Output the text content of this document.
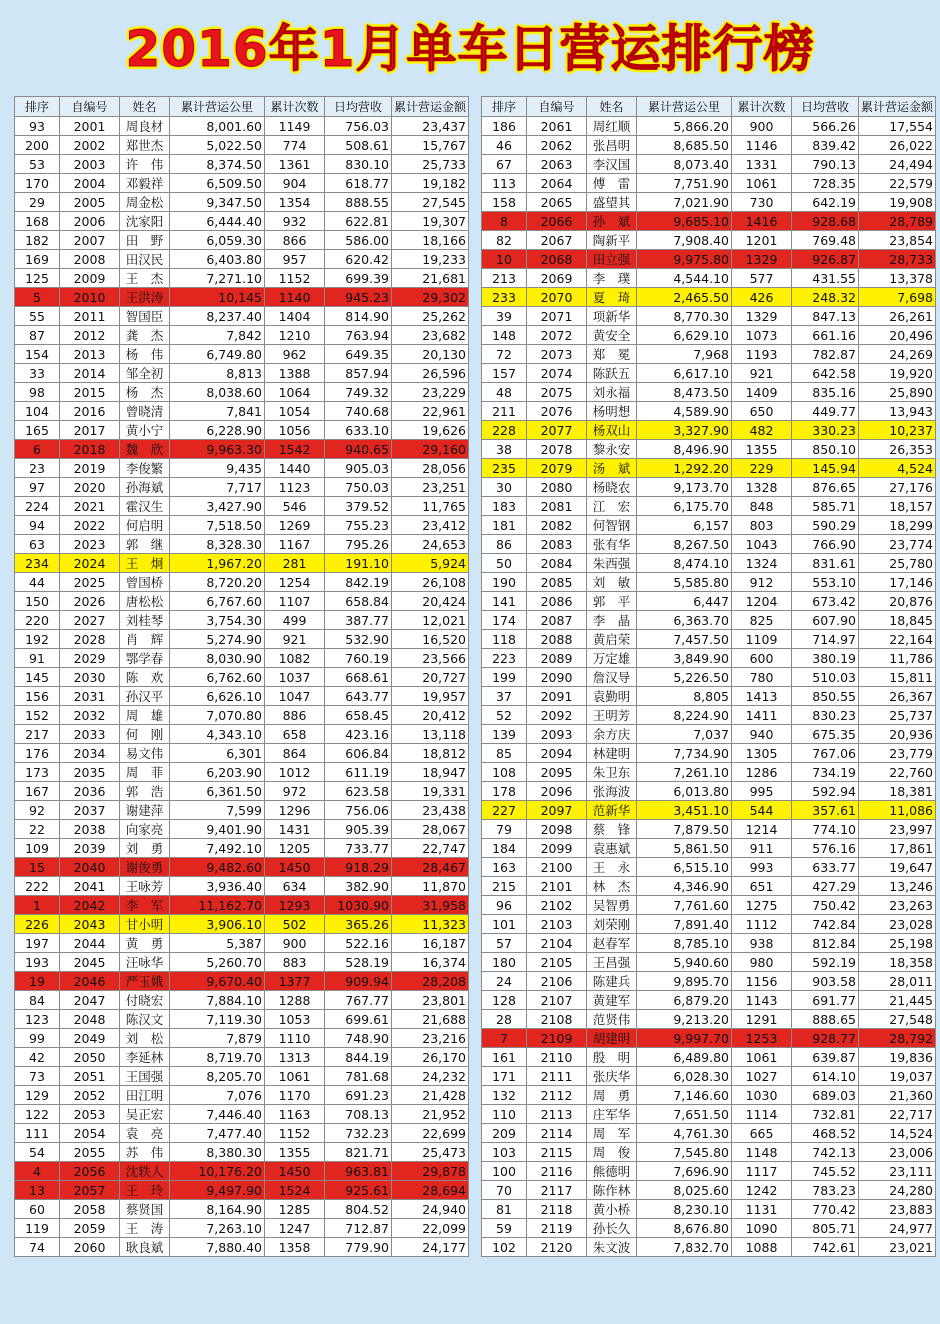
2016年1月单车日营运排行榜
排序	自编号	姓名	累计营运公里	累计次数	日均营收	累计营运金额
93	2001	周良材	8,001.60	1149	756.03	23,437
200	2002	郑世杰	5,022.50	774	508.61	15,767
53	2003	许　伟	8,374.50	1361	830.10	25,733
170	2004	邓毅祥	6,509.50	904	618.77	19,182
29	2005	周金松	9,347.50	1354	888.55	27,545
168	2006	沈家阳	6,444.40	932	622.81	19,307
182	2007	田　野	6,059.30	866	586.00	18,166
169	2008	田汉民	6,403.80	957	620.42	19,233
125	2009	王　杰	7,271.10	1152	699.39	21,681
5	2010	王洪涛	10,145	1140	945.23	29,302
55	2011	智国臣	8,237.40	1404	814.90	25,262
87	2012	龚　杰	7,842	1210	763.94	23,682
154	2013	杨　伟	6,749.80	962	649.35	20,130
33	2014	邹全初	8,813	1388	857.94	26,596
98	2015	杨　杰	8,038.60	1064	749.32	23,229
104	2016	曾晓清	7,841	1054	740.68	22,961
165	2017	黄小宁	6,228.90	1056	633.10	19,626
6	2018	魏　欣	9,963.30	1542	940.65	29,160
23	2019	李俊繁	9,435	1440	905.03	28,056
97	2020	孙海斌	7,717	1123	750.03	23,251
224	2021	霍汉生	3,427.90	546	379.52	11,765
94	2022	何启明	7,518.50	1269	755.23	23,412
63	2023	郭　继	8,328.30	1167	795.26	24,653
234	2024	王　炯	1,967.20	281	191.10	5,924
44	2025	曾国桥	8,720.20	1254	842.19	26,108
150	2026	唐松松	6,767.60	1107	658.84	20,424
220	2027	刘桂琴	3,754.30	499	387.77	12,021
192	2028	肖　辉	5,274.90	921	532.90	16,520
91	2029	鄂学春	8,030.90	1082	760.19	23,566
145	2030	陈　欢	6,762.60	1037	668.61	20,727
156	2031	孙汉平	6,626.10	1047	643.77	19,957
152	2032	周　雄	7,070.80	886	658.45	20,412
217	2033	何　刚	4,343.10	658	423.16	13,118
176	2034	易文伟	6,301	864	606.84	18,812
173	2035	周　菲	6,203.90	1012	611.19	18,947
167	2036	郭　浩	6,361.50	972	623.58	19,331
92	2037	谢建萍	7,599	1296	756.06	23,438
22	2038	向家亮	9,401.90	1431	905.39	28,067
109	2039	刘　勇	7,492.10	1205	733.77	22,747
15	2040	谢俊勇	9,482.60	1450	918.29	28,467
222	2041	王咏芳	3,936.40	634	382.90	11,870
1	2042	李　军	11,162.70	1293	1030.90	31,958
226	2043	甘小明	3,906.10	502	365.26	11,323
197	2044	黄　勇	5,387	900	522.16	16,187
193	2045	汪咏华	5,260.70	883	528.19	16,374
19	2046	严玉娥	9,670.40	1377	909.94	28,208
84	2047	付晓宏	7,884.10	1288	767.77	23,801
123	2048	陈汉文	7,119.30	1053	699.61	21,688
99	2049	刘　松	7,879	1110	748.90	23,216
42	2050	李延林	8,719.70	1313	844.19	26,170
73	2051	王国强	8,205.70	1061	781.68	24,232
129	2052	田江明	7,076	1170	691.23	21,428
122	2053	吴正宏	7,446.40	1163	708.13	21,952
111	2054	袁　亮	7,477.40	1152	732.23	22,699
54	2055	苏　伟	8,380.30	1355	821.71	25,473
4	2056	沈轶人	10,176.20	1450	963.81	29,878
13	2057	王　玲	9,497.90	1524	925.61	28,694
60	2058	蔡贤国	8,164.90	1285	804.52	24,940
119	2059	王　涛	7,263.10	1247	712.87	22,099
74	2060	耿良斌	7,880.40	1358	779.90	24,177
排序	自编号	姓名	累计营运公里	累计次数	日均营收	累计营运金额
186	2061	周红顺	5,866.20	900	566.26	17,554
46	2062	张昌明	8,685.50	1146	839.42	26,022
67	2063	李汉国	8,073.40	1331	790.13	24,494
113	2064	傅　雷	7,751.90	1061	728.35	22,579
158	2065	盛望其	7,021.90	730	642.19	19,908
8	2066	孙　斌	9,685.10	1416	928.68	28,789
82	2067	陶新平	7,908.40	1201	769.48	23,854
10	2068	田立强	9,975.80	1329	926.87	28,733
213	2069	李　璞	4,544.10	577	431.55	13,378
233	2070	夏　琦	2,465.50	426	248.32	7,698
39	2071	项新华	8,770.30	1329	847.13	26,261
148	2072	黄安全	6,629.10	1073	661.16	20,496
72	2073	郑　冕	7,968	1193	782.87	24,269
157	2074	陈跃五	6,617.10	921	642.58	19,920
48	2075	刘永福	8,473.50	1409	835.16	25,890
211	2076	杨明想	4,589.90	650	449.77	13,943
228	2077	杨双山	3,327.90	482	330.23	10,237
38	2078	黎永安	8,496.90	1355	850.10	26,353
235	2079	汤　斌	1,292.20	229	145.94	4,524
30	2080	杨晓农	9,173.70	1328	876.65	27,176
183	2081	江　宏	6,175.70	848	585.71	18,157
181	2082	何智钢	6,157	803	590.29	18,299
86	2083	张有华	8,267.50	1043	766.90	23,774
50	2084	朱西强	8,474.10	1324	831.61	25,780
190	2085	刘　敏	5,585.80	912	553.10	17,146
141	2086	郭　平	6,447	1204	673.42	20,876
174	2087	李　晶	6,363.70	825	607.90	18,845
118	2088	黄启荣	7,457.50	1109	714.97	22,164
223	2089	万定雄	3,849.90	600	380.19	11,786
199	2090	詹汉导	5,226.50	780	510.03	15,811
37	2091	袁勤明	8,805	1413	850.55	26,367
52	2092	王明芳	8,224.90	1411	830.23	25,737
139	2093	余方庆	7,037	940	675.35	20,936
85	2094	林建明	7,734.90	1305	767.06	23,779
108	2095	朱卫东	7,261.10	1286	734.19	22,760
178	2096	张海波	6,013.80	995	592.94	18,381
227	2097	范新华	3,451.10	544	357.61	11,086
79	2098	蔡　锋	7,879.50	1214	774.10	23,997
184	2099	袁惠斌	5,861.50	911	576.16	17,861
163	2100	王　永	6,515.10	993	633.77	19,647
215	2101	林　杰	4,346.90	651	427.29	13,246
96	2102	吴智勇	7,761.60	1275	750.42	23,263
101	2103	刘荣刚	7,891.40	1112	742.84	23,028
57	2104	赵春军	8,785.10	938	812.84	25,198
180	2105	王昌强	5,940.60	980	592.19	18,358
24	2106	陈建兵	9,895.70	1156	903.58	28,011
128	2107	黄建军	6,879.20	1143	691.77	21,445
28	2108	范贤伟	9,213.20	1291	888.65	27,548
7	2109	胡建明	9,997.70	1253	928.77	28,792
161	2110	殷　明	6,489.80	1061	639.87	19,836
171	2111	张庆华	6,028.30	1027	614.10	19,037
132	2112	周　勇	7,146.60	1030	689.03	21,360
110	2113	庄军华	7,651.50	1114	732.81	22,717
209	2114	周　军	4,761.30	665	468.52	14,524
103	2115	周　俊	7,545.80	1148	742.13	23,006
100	2116	熊德明	7,696.90	1117	745.52	23,111
70	2117	陈作林	8,025.60	1242	783.23	24,280
81	2118	黄小桥	8,230.10	1131	770.42	23,883
59	2119	孙长久	8,676.80	1090	805.71	24,977
102	2120	朱文波	7,832.70	1088	742.61	23,021
